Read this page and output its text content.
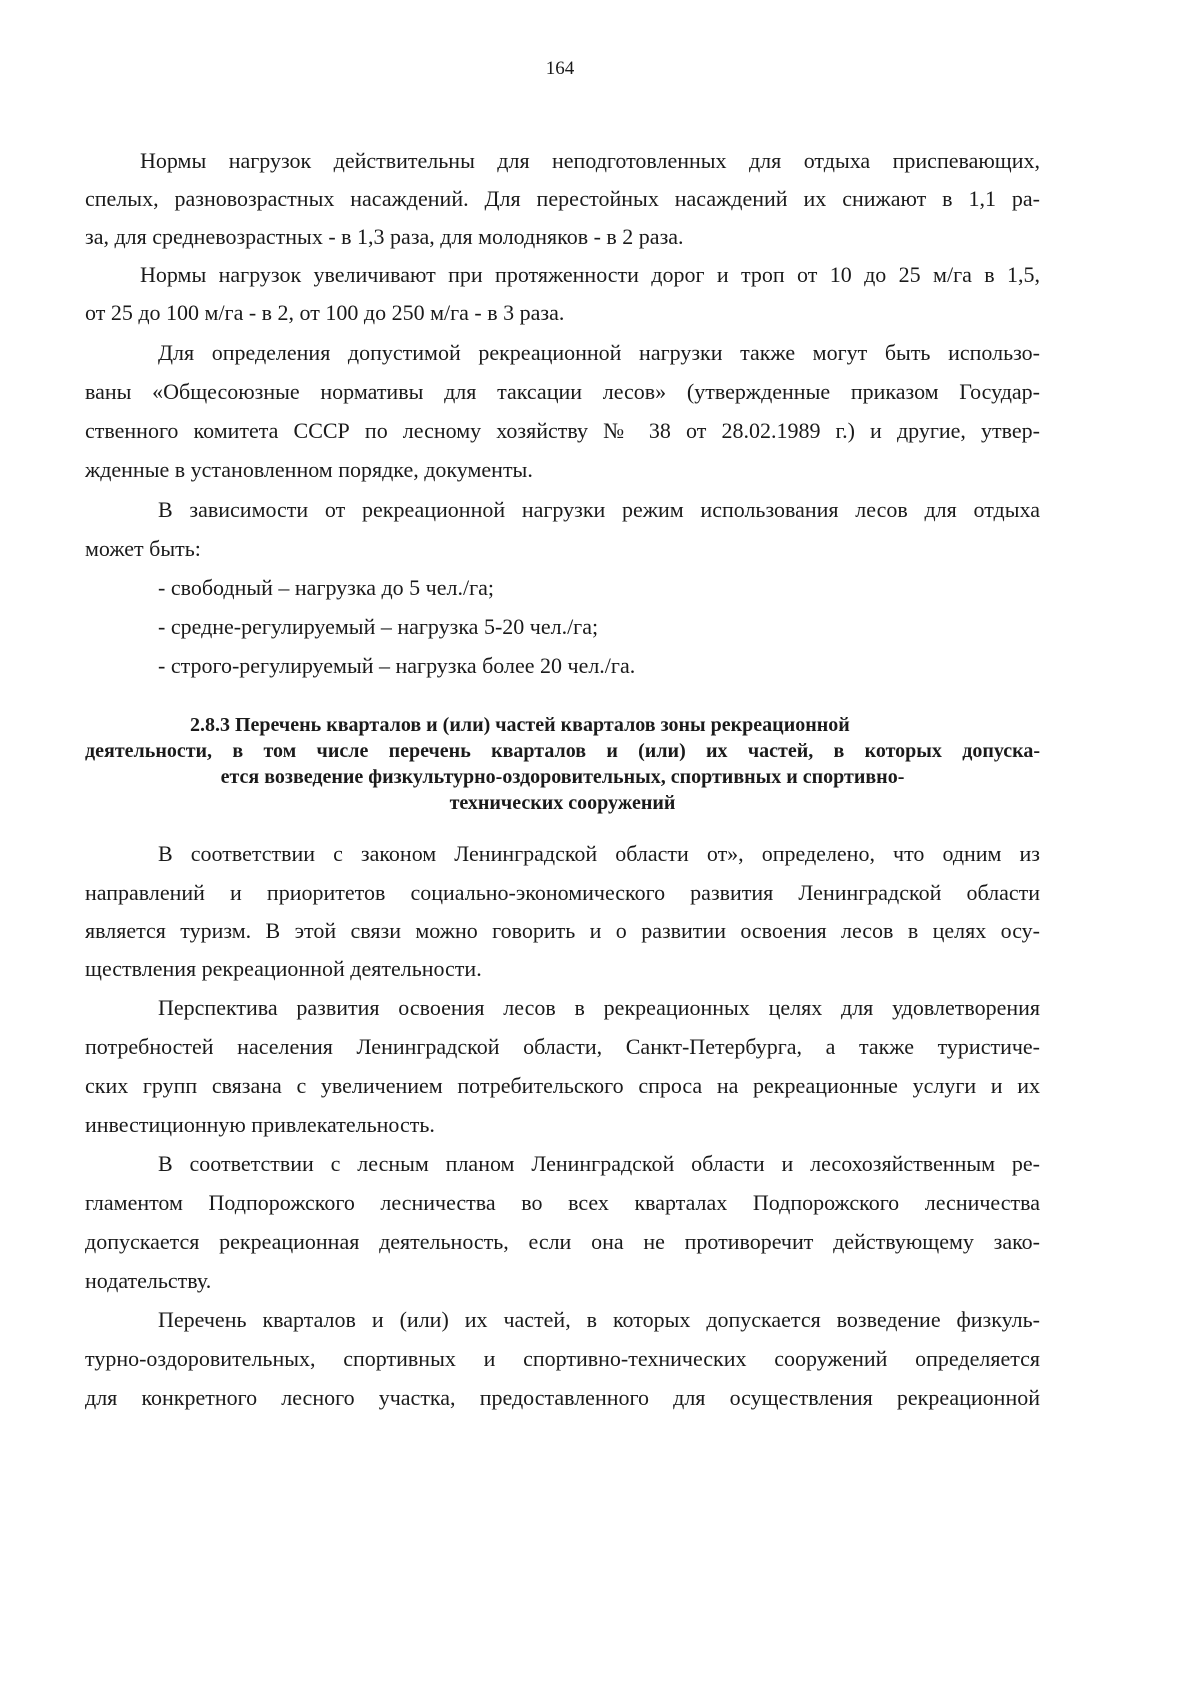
164
Нормы нагрузок действительны для неподготовленных для отдыха приспевающих,
спелых, разновозрастных насаждений. Для перестойных насаждений их снижают в 1,1 ра-
за, для средневозрастных - в 1,3 раза, для молодняков - в 2 раза.
Нормы нагрузок увеличивают при протяженности дорог и троп от 10 до 25 м/га в 1,5,
от 25 до 100 м/га - в 2, от 100 до 250 м/га - в 3 раза.
Для определения допустимой рекреационной нагрузки также могут быть использо-
ваны «Общесоюзные нормативы для таксации лесов» (утвержденные приказом Государ-
ственного комитета СССР по лесному хозяйству № 38 от 28.02.1989 г.) и другие, утвер-
жденные в установленном порядке, документы.
В зависимости от рекреационной нагрузки режим использования лесов для отдыха
может быть:
- свободный – нагрузка до 5 чел./га;
- средне-регулируемый – нагрузка 5-20 чел./га;
- строго-регулируемый – нагрузка более 20 чел./га.
2.8.3 Перечень кварталов и (или) частей кварталов зоны рекреационной
деятельности, в том числе перечень кварталов и (или) их частей, в которых допуска-
ется возведение физкультурно-оздоровительных, спортивных и спортивно-
технических сооружений
В соответствии с законом Ленинградской области от», определено, что одним из
направлений и приоритетов социально-экономического развития Ленинградской области
является туризм. В этой связи можно говорить и о развитии освоения лесов в целях осу-
ществления рекреационной деятельности.
Перспектива развития освоения лесов в рекреационных целях для удовлетворения
потребностей населения Ленинградской области, Санкт-Петербурга, а также туристиче-
ских групп связана с увеличением потребительского спроса на рекреационные услуги и их
инвестиционную привлекательность.
В соответствии с лесным планом Ленинградской области и лесохозяйственным ре-
гламентом Подпорожского лесничества во всех кварталах Подпорожского лесничества
допускается рекреационная деятельность, если она не противоречит действующему зако-
нодательству.
Перечень кварталов и (или) их частей, в которых допускается возведение физкуль-
турно-оздоровительных, спортивных и спортивно-технических сооружений определяется
для конкретного лесного участка, предоставленного для осуществления рекреационной
